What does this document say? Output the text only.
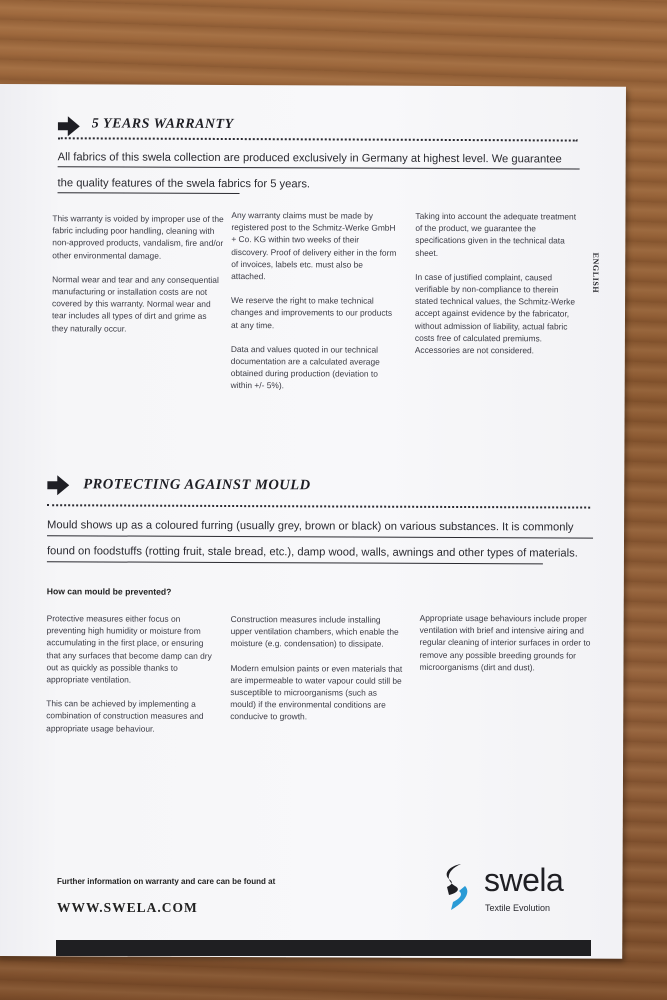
5 YEARS WARRANTY
All fabrics of this swela collection are produced exclusively in Germany at highest level. We guarantee the quality features of the swela fabrics for 5 years.
ENGLISH

This warranty is voided by improper use of the fabric including poor handling, cleaning with non-approved products, vandalism, fire and/or other environmental damage.

Normal wear and tear and any consequential manufacturing or installation costs are not covered by this warranty. Normal wear and tear includes all types of dirt and grime as they naturally occur.

Any warranty claims must be made by registered post to the Schmitz-Werke GmbH + Co. KG within two weeks of their discovery. Proof of delivery either in the form of invoices, labels etc. must also be attached.

We reserve the right to make technical changes and improvements to our products at any time.

Data and values quoted in our technical documentation are a calculated average obtained during production (deviation to within +/- 5%).

Taking into account the adequate treatment of the product, we guarantee the specifications given in the technical data sheet.

In case of justified complaint, caused verifiable by non-compliance to therein stated technical values, the Schmitz-Werke accept against evidence by the fabricator, without admission of liability, actual fabric costs free of calculated premiums. Accessories are not considered.

PROTECTING AGAINST MOULD
Mould shows up as a coloured furring (usually grey, brown or black) on various substances. It is commonly found on foodstuffs (rotting fruit, stale bread, etc.), damp wood, walls, awnings and other types of materials.
How can mould be prevented?

Protective measures either focus on preventing high humidity or moisture from accumulating in the first place, or ensuring that any surfaces that become damp can dry out as quickly as possible thanks to appropriate ventilation.

This can be achieved by implementing a combination of construction measures and appropriate usage behaviour.

Construction measures include installing upper ventilation chambers, which enable the moisture (e.g. condensation) to dissipate.

Modern emulsion paints or even materials that are impermeable to water vapour could still be susceptible to microorganisms (such as mould) if the environmental conditions are conducive to growth.

Appropriate usage behaviours include proper ventilation with brief and intensive airing and regular cleaning of interior surfaces in order to remove any possible breeding grounds for microorganisms (dirt and dust).

Further information on warranty and care can be found at
WWW.SWELA.COM
swela
Textile Evolution
